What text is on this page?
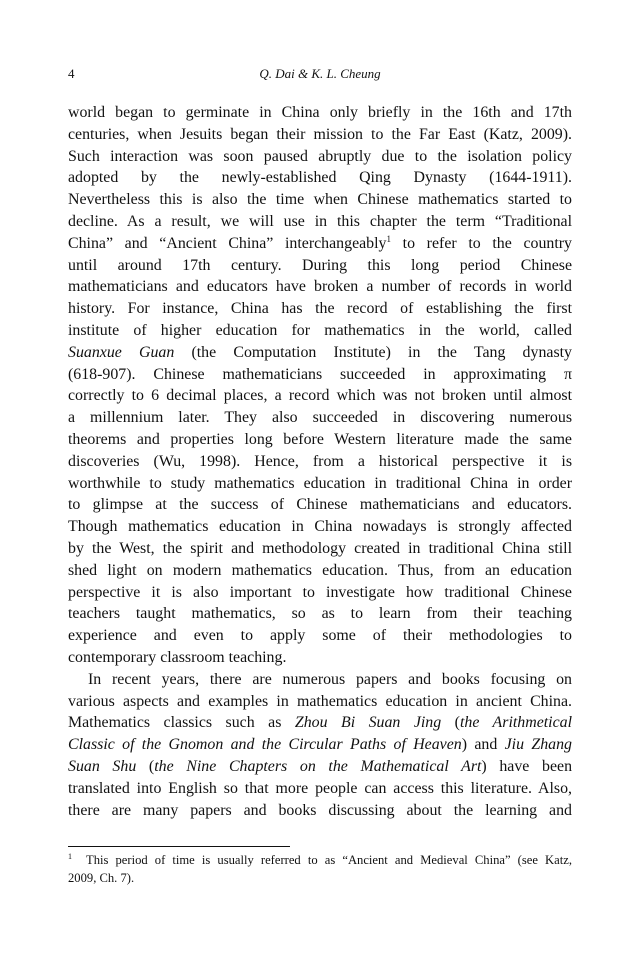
4	Q. Dai & K. L. Cheung
world began to germinate in China only briefly in the 16th and 17th
centuries, when Jesuits began their mission to the Far East (Katz, 2009).
Such interaction was soon paused abruptly due to the isolation policy
adopted by the newly-established Qing Dynasty (1644-1911).
Nevertheless this is also the time when Chinese mathematics started to
decline. As a result, we will use in this chapter the term “Traditional
China” and “Ancient China” interchangeably$^1$ to refer to the country
until around 17th century. During this long period Chinese
mathematicians and educators have broken a number of records in world
history. For instance, China has the record of establishing the first
institute of higher education for mathematics in the world, called
Suanxue Guan (the Computation Institute) in the Tang dynasty
(618-907). Chinese mathematicians succeeded in approximating π
correctly to 6 decimal places, a record which was not broken until almost
a millennium later. They also succeeded in discovering numerous
theorems and properties long before Western literature made the same
discoveries (Wu, 1998). Hence, from a historical perspective it is
worthwhile to study mathematics education in traditional China in order
to glimpse at the success of Chinese mathematicians and educators.
Though mathematics education in China nowadays is strongly affected
by the West, the spirit and methodology created in traditional China still
shed light on modern mathematics education. Thus, from an education
perspective it is also important to investigate how traditional Chinese
teachers taught mathematics, so as to learn from their teaching
experience and even to apply some of their methodologies to
contemporary classroom teaching.
In recent years, there are numerous papers and books focusing on
various aspects and examples in mathematics education in ancient China.
Mathematics classics such as Zhou Bi Suan Jing (the Arithmetical
Classic of the Gnomon and the Circular Paths of Heaven) and Jiu Zhang
Suan Shu (the Nine Chapters on the Mathematical Art) have been
translated into English so that more people can access this literature. Also,
there are many papers and books discussing about the learning and
$^1$ This period of time is usually referred to as “Ancient and Medieval China” (see Katz,
2009, Ch. 7).
